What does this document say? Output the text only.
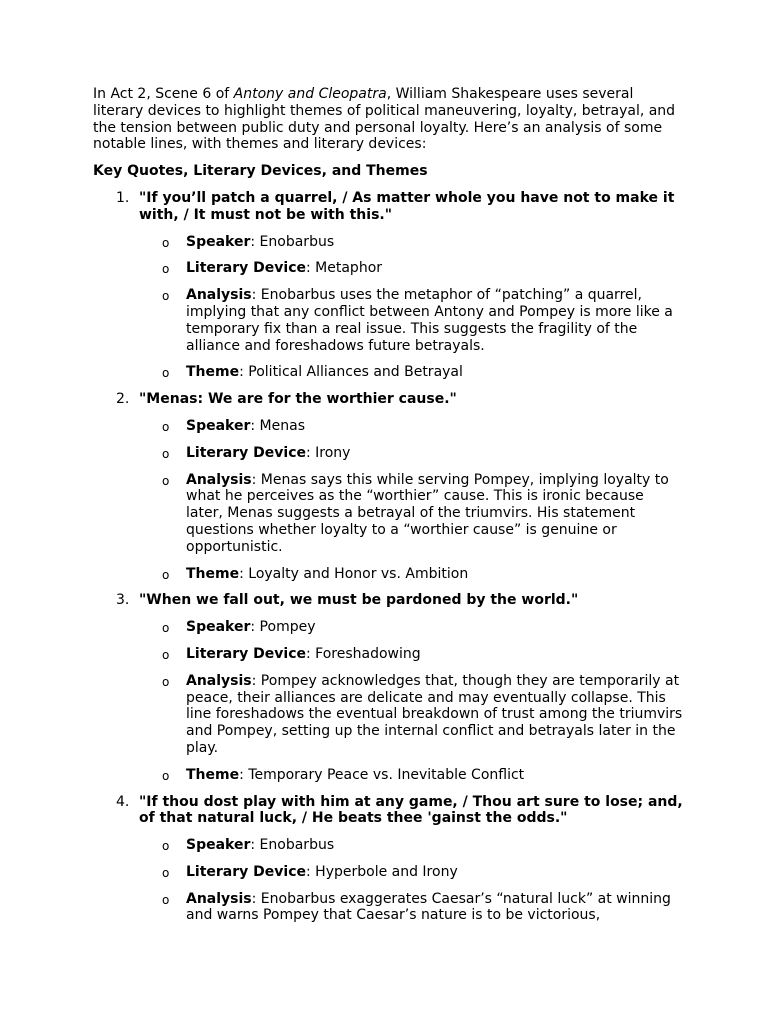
In Act 2, Scene 6 of Antony and Cleopatra, William Shakespeare uses several literary devices to highlight themes of political maneuvering, loyalty, betrayal, and the tension between public duty and personal loyalty. Here’s an analysis of some notable lines, with themes and literary devices:

Key Quotes, Literary Devices, and Themes

1. "If you’ll patch a quarrel, / As matter whole you have not to make it with, / It must not be with this."
o Speaker: Enobarbus
o Literary Device: Metaphor
o Analysis: Enobarbus uses the metaphor of “patching” a quarrel, implying that any conflict between Antony and Pompey is more like a temporary fix than a real issue. This suggests the fragility of the alliance and foreshadows future betrayals.
o Theme: Political Alliances and Betrayal
2. "Menas: We are for the worthier cause."
o Speaker: Menas
o Literary Device: Irony
o Analysis: Menas says this while serving Pompey, implying loyalty to what he perceives as the “worthier” cause. This is ironic because later, Menas suggests a betrayal of the triumvirs. His statement questions whether loyalty to a “worthier cause” is genuine or opportunistic.
o Theme: Loyalty and Honor vs. Ambition
3. "When we fall out, we must be pardoned by the world."
o Speaker: Pompey
o Literary Device: Foreshadowing
o Analysis: Pompey acknowledges that, though they are temporarily at peace, their alliances are delicate and may eventually collapse. This line foreshadows the eventual breakdown of trust among the triumvirs and Pompey, setting up the internal conflict and betrayals later in the play.
o Theme: Temporary Peace vs. Inevitable Conflict
4. "If thou dost play with him at any game, / Thou art sure to lose; and, of that natural luck, / He beats thee 'gainst the odds."
o Speaker: Enobarbus
o Literary Device: Hyperbole and Irony
o Analysis: Enobarbus exaggerates Caesar’s “natural luck” at winning and warns Pompey that Caesar’s nature is to be victorious,
